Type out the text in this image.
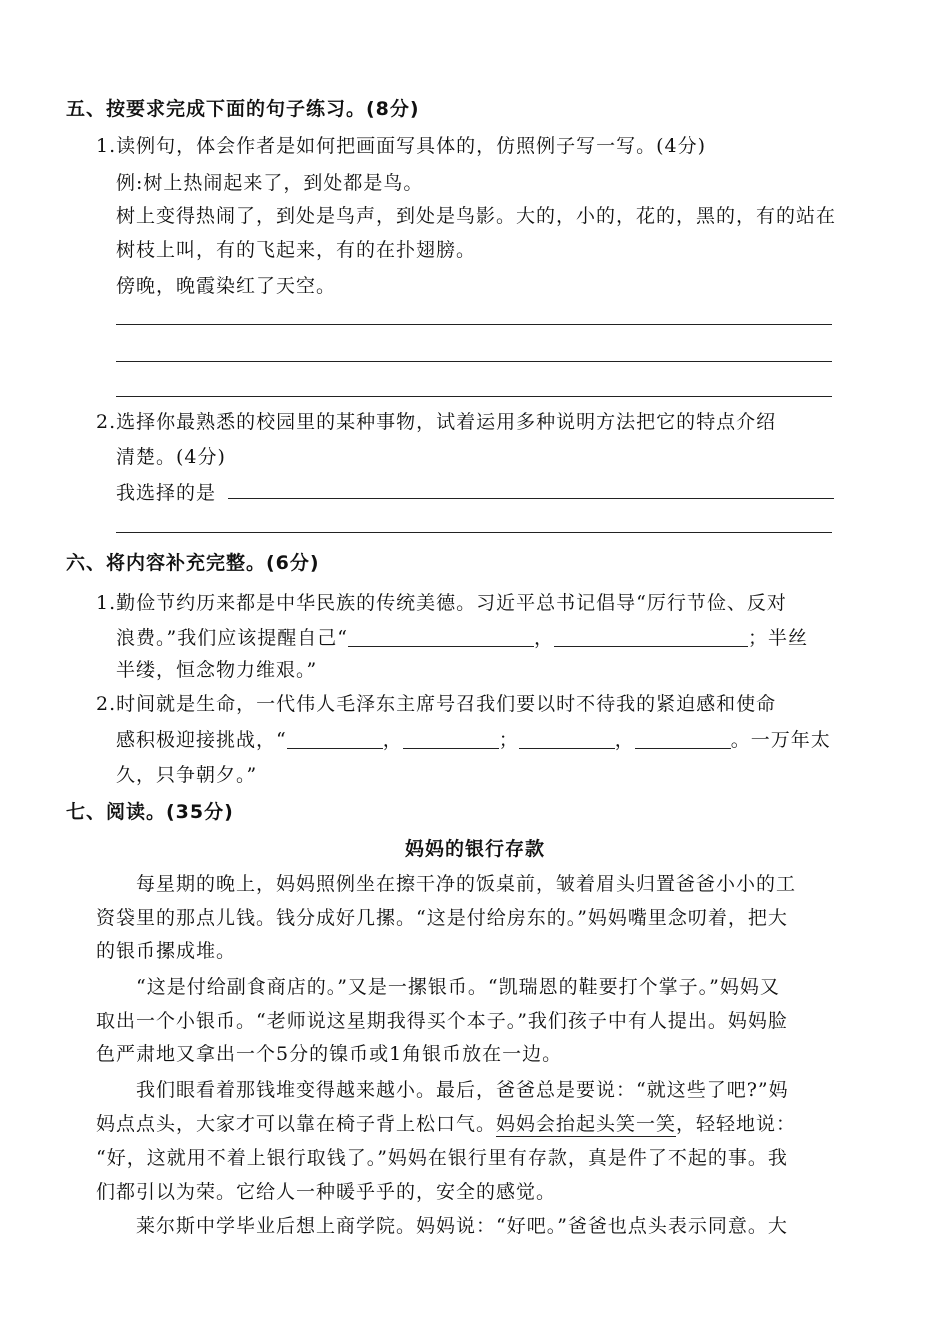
五、按要求完成下面的句子练习。(8分)
1.读例句，体会作者是如何把画面写具体的，仿照例子写一写。(4分)
例:树上热闹起来了，到处都是鸟。
树上变得热闹了，到处是鸟声，到处是鸟影。大的，小的，花的，黑的，有的站在
树枝上叫，有的飞起来，有的在扑翅膀。
傍晚，晚霞染红了天空。
2.选择你最熟悉的校园里的某种事物，试着运用多种说明方法把它的特点介绍
清楚。(4分)
我选择的是
六、将内容补充完整。(6分)
1.勤俭节约历来都是中华民族的传统美德。习近平总书记倡导“厉行节俭、反对
浪费。”我们应该提醒自己“	，	；半丝
半缕，恒念物力维艰。”
2.时间就是生命，一代伟人毛泽东主席号召我们要以时不待我的紧迫感和使命
感积极迎接挑战，“	，	；	，	。一万年太
久，只争朝夕。”
七、阅读。(35分)
妈妈的银行存款
每星期的晚上，妈妈照例坐在擦干净的饭桌前，皱着眉头归置爸爸小小的工
资袋里的那点儿钱。钱分成好几摞。“这是付给房东的。”妈妈嘴里念叨着，把大
的银币摞成堆。
“这是付给副食商店的。”又是一摞银币。“凯瑞恩的鞋要打个掌子。”妈妈又
取出一个小银币。“老师说这星期我得买个本子。”我们孩子中有人提出。妈妈脸
色严肃地又拿出一个5分的镍币或1角银币放在一边。
我们眼看着那钱堆变得越来越小。最后，爸爸总是要说：“就这些了吧?”妈
妈点点头，大家才可以靠在椅子背上松口气。妈妈会抬起头笑一笑，轻轻地说：
“好，这就用不着上银行取钱了。”妈妈在银行里有存款，真是件了不起的事。我
们都引以为荣。它给人一种暖乎乎的，安全的感觉。
莱尔斯中学毕业后想上商学院。妈妈说：“好吧。”爸爸也点头表示同意。大
